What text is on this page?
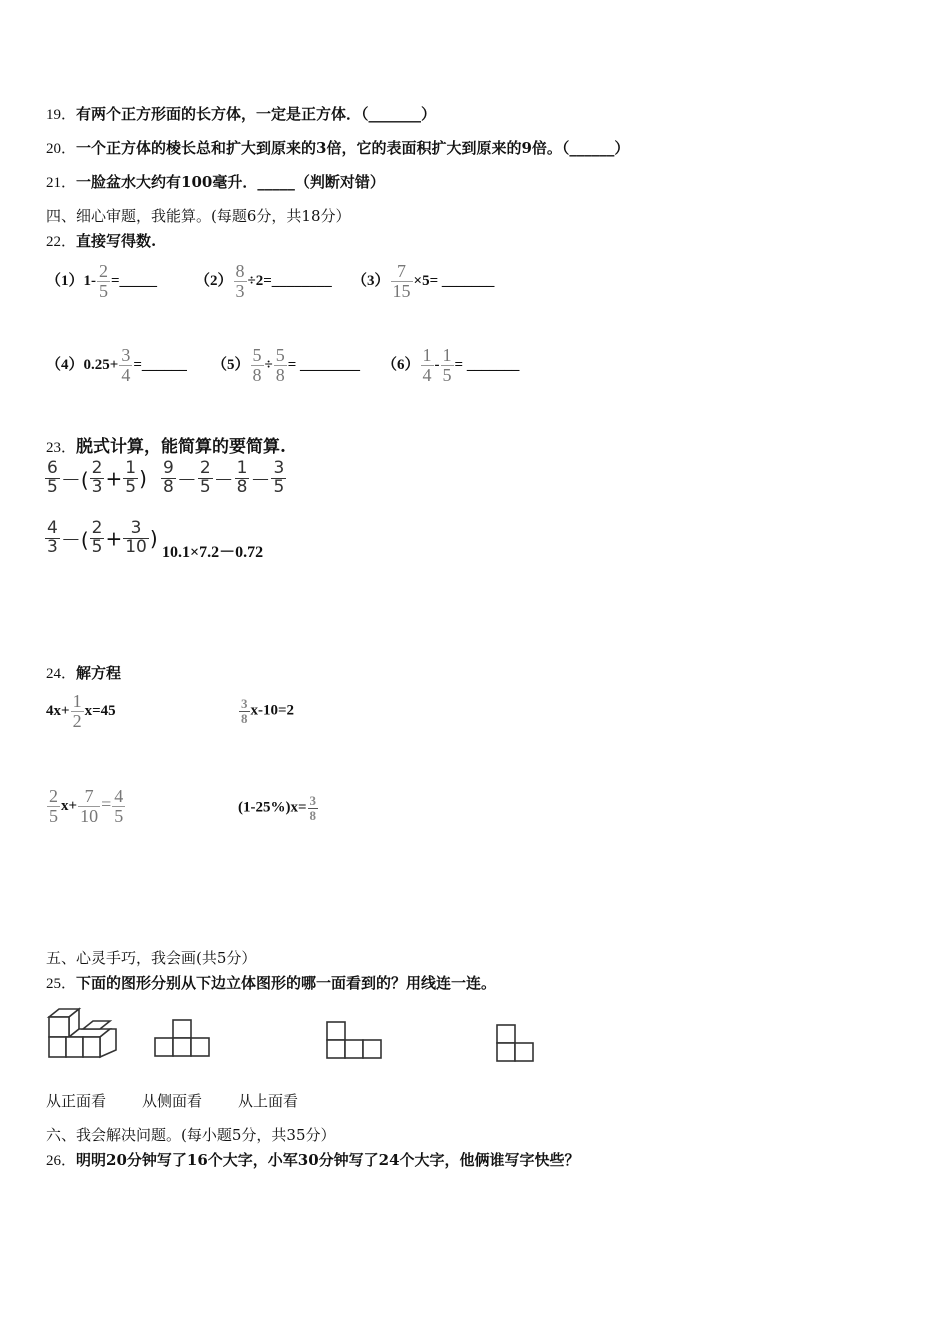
19．有两个正方形面的长方体，一定是正方体．（_______）
20．一个正方体的棱长总和扩大到原来的3倍，它的表面积扩大到原来的9倍。（______）
21．一脸盆水大约有100毫升．_____（判断对错）
四、细心审题，我能算。(每题6分，共18分）
22．直接写得数.
$(1)1- \frac{2}{5}$ =_____	$(2) \frac{8}{3}$ ÷2=________ $(3) \frac{7}{15} \times 5=$ _______
$(4)0.25+ \frac{3}{4}$ =______ $(5) \frac{5}{8} \div \frac{5}{8}$ = ________ $(6) \frac{1}{4} - \frac{1}{5}$ = _______
23．脱式计算，能简算的要简算.
$\frac{6}{5}$ －( $\frac{2}{3} + \frac{1}{5}$ ) $\frac{9}{8} - \frac{2}{5} - \frac{1}{8} - \frac{3}{5}$
$\frac{4}{3}$ －( $\frac{2}{5} + \frac{3}{10}$ )
10.1×7.2－0.72
24．解方程
$4x+ \frac{1}{2} x=45$	$\frac{3}{8} x-10=2$
$\frac{2}{5} x+ \frac{7}{10} = \frac{4}{5}$	$(1-25\%)x= \frac{3}{8}$
五、心灵手巧，我会画(共5分）
25．下面的图形分别从下边立体图形的哪一面看到的？用线连一连。
从正面看 从侧面看 从上面看
六、我会解决问题。(每小题5分，共35分）
26．明明20分钟写了16个大字，小军30分钟写了24个大字，他俩谁写字快些？
